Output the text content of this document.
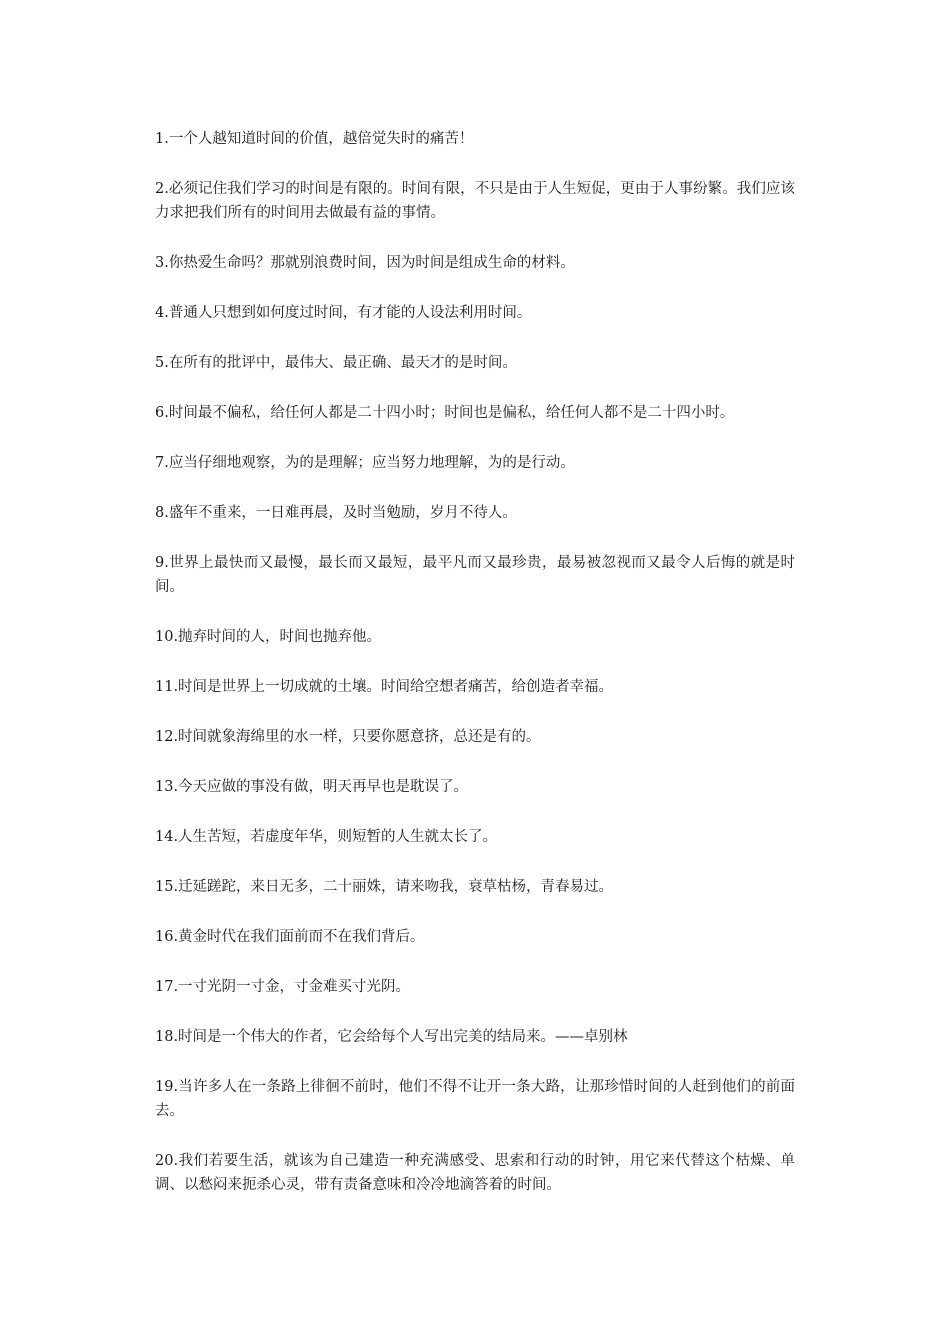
1.一个人越知道时间的价值，越倍觉失时的痛苦！
2.必须记住我们学习的时间是有限的。时间有限，不只是由于人生短促，更由于人事纷繁。我们应该力求把我们所有的时间用去做最有益的事情。
3.你热爱生命吗？那就别浪费时间，因为时间是组成生命的材料。
4.普通人只想到如何度过时间，有才能的人设法利用时间。
5.在所有的批评中，最伟大、最正确、最天才的是时间。
6.时间最不偏私，给任何人都是二十四小时；时间也是偏私，给任何人都不是二十四小时。
7.应当仔细地观察，为的是理解；应当努力地理解，为的是行动。
8.盛年不重来，一日难再晨，及时当勉励，岁月不待人。
9.世界上最快而又最慢，最长而又最短，最平凡而又最珍贵，最易被忽视而又最令人后悔的就是时间。
10.抛弃时间的人，时间也抛弃他。
11.时间是世界上一切成就的土壤。时间给空想者痛苦，给创造者幸福。
12.时间就象海绵里的水一样，只要你愿意挤，总还是有的。
13.今天应做的事没有做，明天再早也是耽误了。
14.人生苦短，若虚度年华，则短暂的人生就太长了。
15.迁延蹉跎，来日无多，二十丽姝，请来吻我，衰草枯杨，青春易过。
16.黄金时代在我们面前而不在我们背后。
17.一寸光阴一寸金，寸金难买寸光阴。
18.时间是一个伟大的作者，它会给每个人写出完美的结局来。——卓别林
19.当许多人在一条路上徘徊不前时，他们不得不让开一条大路，让那珍惜时间的人赶到他们的前面去。
20.我们若要生活，就该为自己建造一种充满感受、思索和行动的时钟，用它来代替这个枯燥、单调、以愁闷来扼杀心灵，带有责备意味和冷冷地滴答着的时间。
